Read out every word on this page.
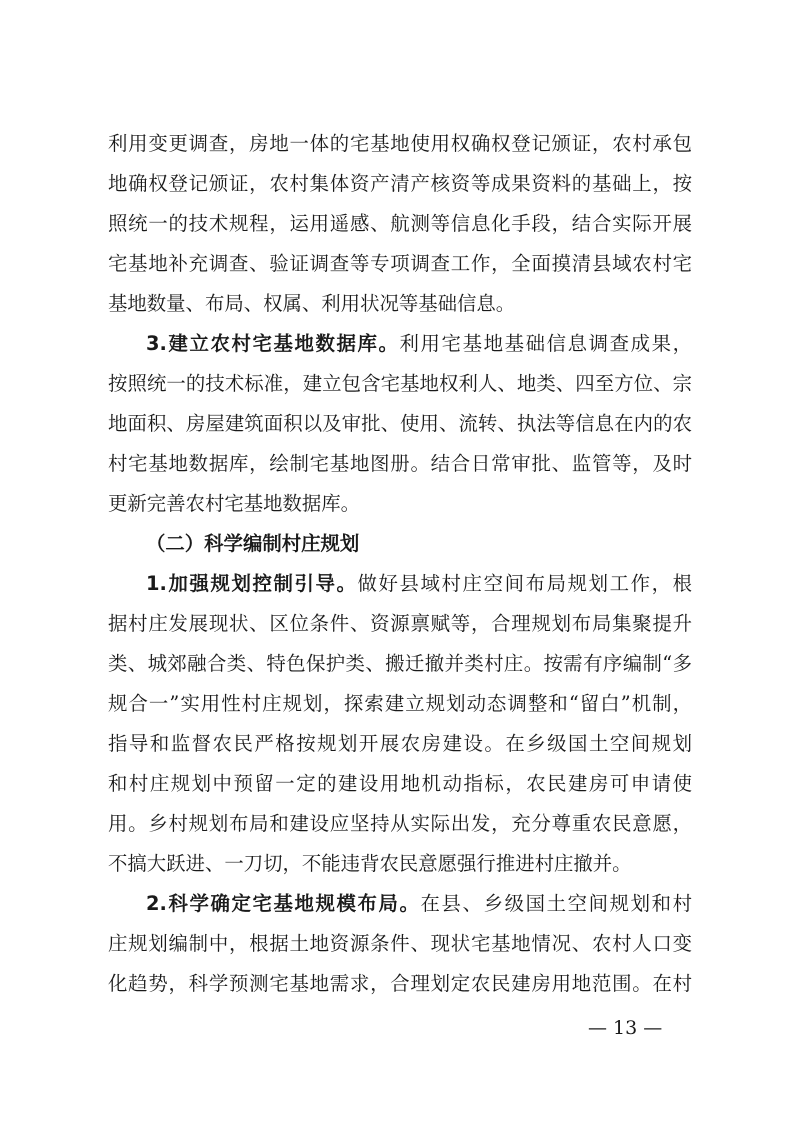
利用变更调查，房地一体的宅基地使用权确权登记颁证，农村承包
地确权登记颁证，农村集体资产清产核资等成果资料的基础上，按
照统一的技术规程，运用遥感、航测等信息化手段，结合实际开展
宅基地补充调查、验证调查等专项调查工作，全面摸清县域农村宅
基地数量、布局、权属、利用状况等基础信息。
3.建立农村宅基地数据库。利用宅基地基础信息调查成果，
按照统一的技术标准，建立包含宅基地权利人、地类、四至方位、宗
地面积、房屋建筑面积以及审批、使用、流转、执法等信息在内的农
村宅基地数据库，绘制宅基地图册。结合日常审批、监管等，及时
更新完善农村宅基地数据库。
（二）科学编制村庄规划
1.加强规划控制引导。做好县域村庄空间布局规划工作，根
据村庄发展现状、区位条件、资源禀赋等，合理规划布局集聚提升
类、城郊融合类、特色保护类、搬迁撤并类村庄。按需有序编制“多
规合一”实用性村庄规划，探索建立规划动态调整和“留白”机制，
指导和监督农民严格按规划开展农房建设。在乡级国土空间规划
和村庄规划中预留一定的建设用地机动指标，农民建房可申请使
用。乡村规划布局和建设应坚持从实际出发，充分尊重农民意愿，
不搞大跃进、一刀切，不能违背农民意愿强行推进村庄撤并。
2.科学确定宅基地规模布局。在县、乡级国土空间规划和村
庄规划编制中，根据土地资源条件、现状宅基地情况、农村人口变
化趋势，科学预测宅基地需求，合理划定农民建房用地范围。在村
— 13 —
